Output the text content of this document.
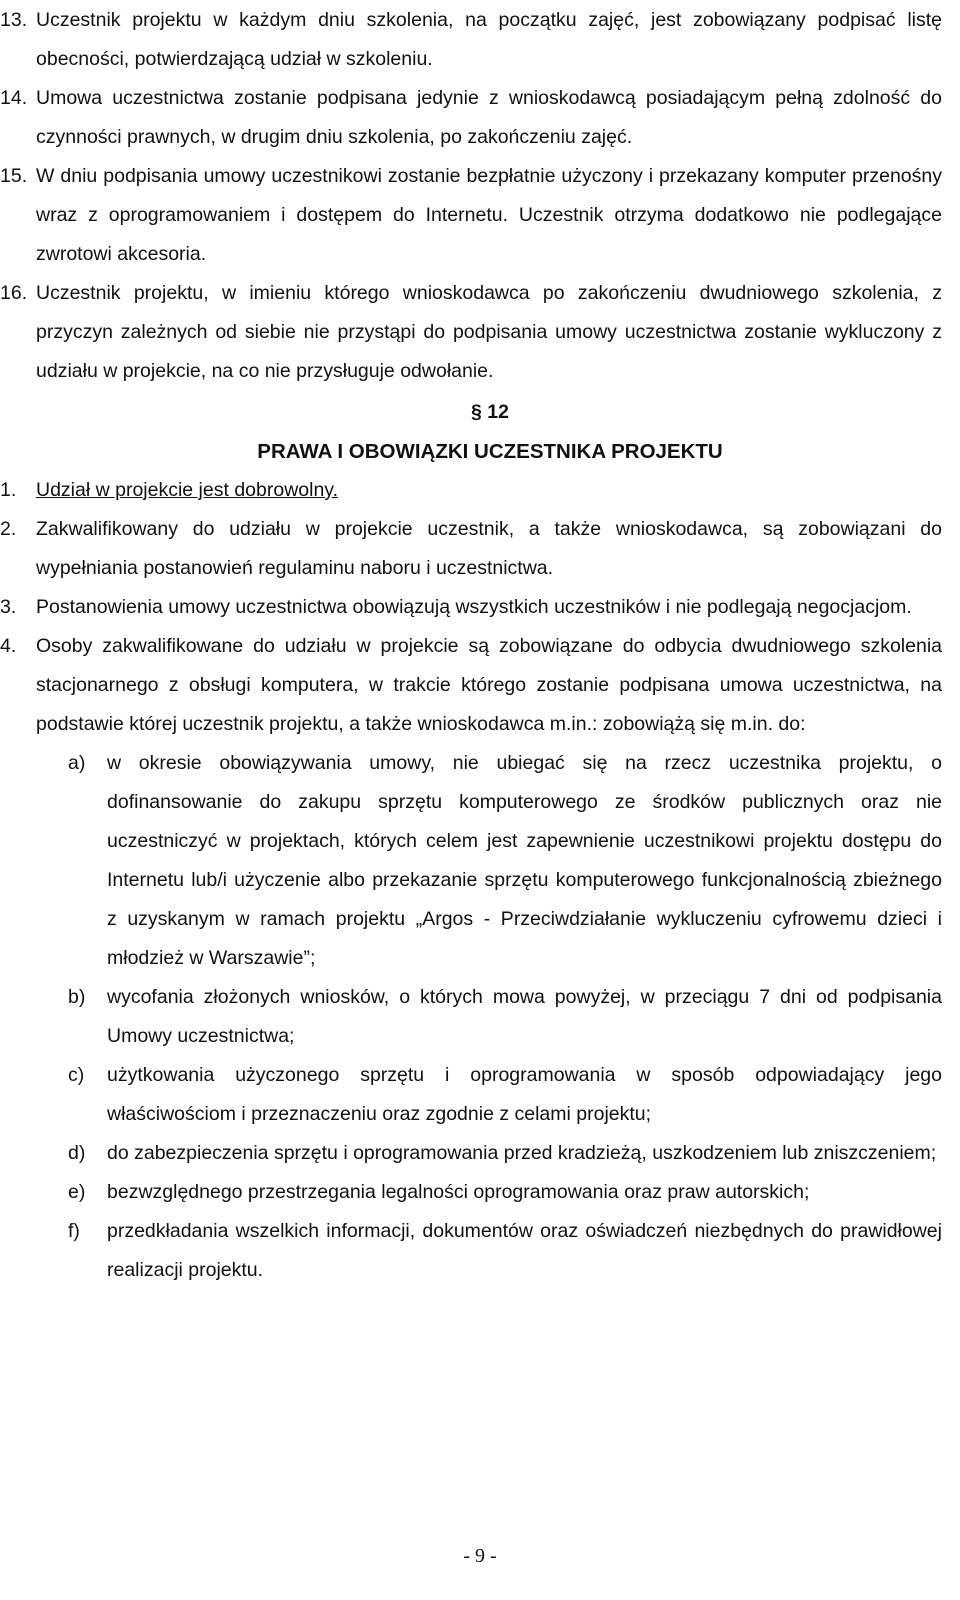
13. Uczestnik projektu w każdym dniu szkolenia, na początku zajęć, jest zobowiązany podpisać listę obecności, potwierdzającą udział w szkoleniu.
14. Umowa uczestnictwa zostanie podpisana jedynie z wnioskodawcą posiadającym pełną zdolność do czynności prawnych, w drugim dniu szkolenia, po zakończeniu zajęć.
15. W dniu podpisania umowy uczestnikowi zostanie bezpłatnie użyczony i przekazany komputer przenośny wraz z oprogramowaniem i dostępem do Internetu. Uczestnik otrzyma dodatkowo nie podlegające zwrotowi akcesoria.
16. Uczestnik projektu, w imieniu którego wnioskodawca po zakończeniu dwudniowego szkolenia, z przyczyn zależnych od siebie nie przystąpi do podpisania umowy uczestnictwa zostanie wykluczony z udziału w projekcie, na co nie przysługuje odwołanie.
§ 12
PRAWA I OBOWIĄZKI UCZESTNIKA PROJEKTU
1. Udział w projekcie jest dobrowolny.
2. Zakwalifikowany do udziału w projekcie uczestnik, a także wnioskodawca, są zobowiązani do wypełniania postanowień regulaminu naboru i uczestnictwa.
3. Postanowienia umowy uczestnictwa obowiązują wszystkich uczestników i nie podlegają negocjacjom.
4. Osoby zakwalifikowane do udziału w projekcie są zobowiązane do odbycia dwudniowego szkolenia stacjonarnego z obsługi komputera, w trakcie którego zostanie podpisana umowa uczestnictwa, na podstawie której uczestnik projektu, a także wnioskodawca m.in.: zobowiążą się m.in. do:
a) w okresie obowiązywania umowy, nie ubiegać się na rzecz uczestnika projektu, o dofinansowanie do zakupu sprzętu komputerowego ze środków publicznych oraz nie uczestniczyć w projektach, których celem jest zapewnienie uczestnikowi projektu dostępu do Internetu lub/i użyczenie albo przekazanie sprzętu komputerowego funkcjonalnością zbieżnego z uzyskanym w ramach projektu „Argos - Przeciwdziałanie wykluczeniu cyfrowemu dzieci i młodzież w Warszawie”;
b) wycofania złożonych wniosków, o których mowa powyżej, w przeciągu 7 dni od podpisania Umowy uczestnictwa;
c) użytkowania użyczonego sprzętu i oprogramowania w sposób odpowiadający jego właściwościom i przeznaczeniu oraz zgodnie z celami projektu;
d) do zabezpieczenia sprzętu i oprogramowania przed kradzieżą, uszkodzeniem lub zniszczeniem;
e) bezwzględnego przestrzegania legalności oprogramowania oraz praw autorskich;
f) przedkładania wszelkich informacji, dokumentów oraz oświadczeń niezbędnych do prawidłowej realizacji projektu.
- 9 -
